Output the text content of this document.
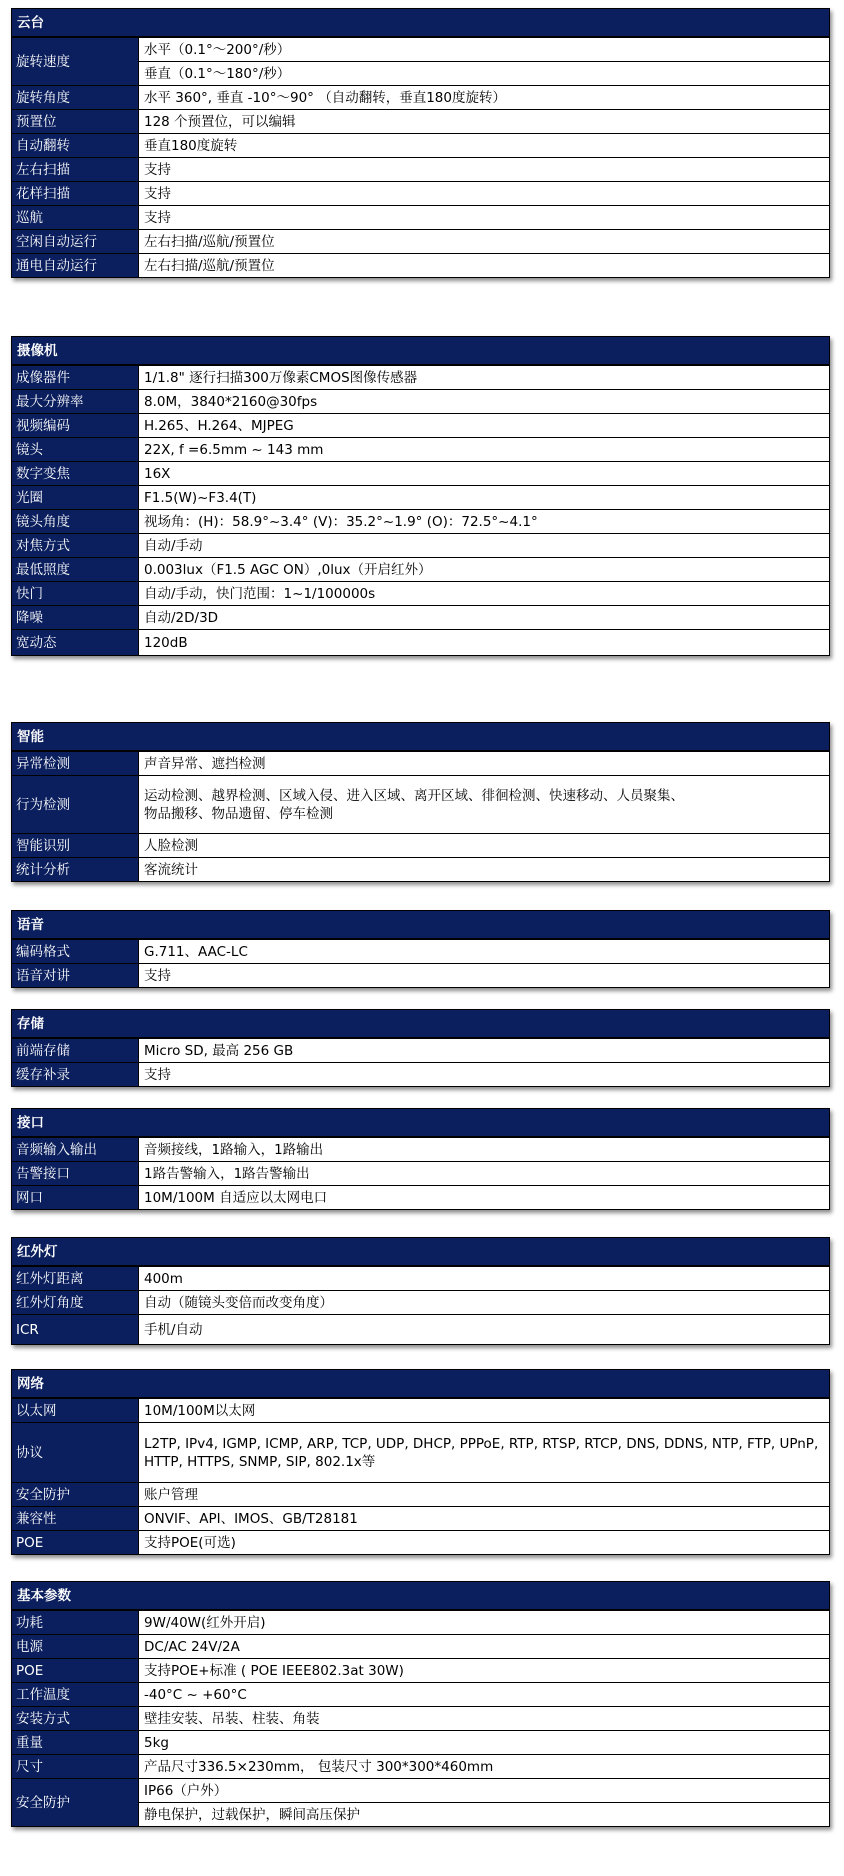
云台
旋转速度	水平（0.1°～200°/秒）
	垂直（0.1°～180°/秒）
旋转角度	水平 360°, 垂直 -10°～90° （自动翻转，垂直180度旋转）
预置位	128 个预置位，可以编辑
自动翻转	垂直180度旋转
左右扫描	支持
花样扫描	支持
巡航	支持
空闲自动运行	左右扫描/巡航/预置位
通电自动运行	左右扫描/巡航/预置位
摄像机
成像器件	1/1.8" 逐行扫描300万像素CMOS图像传感器
最大分辨率	8.0M，3840*2160@30fps
视频编码	H.265、H.264、MJPEG
镜头	22X, f =6.5mm ~ 143 mm
数字变焦	16X
光圈	F1.5(W)~F3.4(T)
镜头角度	视场角：(H)：58.9°~3.4° (V)：35.2°~1.9° (O)：72.5°~4.1°
对焦方式	自动/手动
最低照度	0.003lux（F1.5 AGC ON）,0lux（开启红外）
快门	自动/手动，快门范围：1~1/100000s
降噪	自动/2D/3D
宽动态	120dB
智能
异常检测	声音异常、遮挡检测
行为检测	运动检测、越界检测、区域入侵、进入区域、离开区域、徘徊检测、快速移动、人员聚集、
物品搬移、物品遗留、停车检测
智能识别	人脸检测
统计分析	客流统计
语音
编码格式	G.711、AAC-LC
语音对讲	支持
存储
前端存储	Micro SD, 最高 256 GB
缓存补录	支持
接口
音频输入输出	音频接线，1路输入，1路输出
告警接口	1路告警输入，1路告警输出
网口	10M/100M 自适应以太网电口
红外灯
红外灯距离	400m
红外灯角度	自动（随镜头变倍而改变角度）
ICR	手机/自动
网络
以太网	10M/100M以太网
协议	L2TP, IPv4, IGMP, ICMP, ARP, TCP, UDP, DHCP, PPPoE, RTP, RTSP, RTCP, DNS, DDNS, NTP, FTP, UPnP,
HTTP, HTTPS, SNMP, SIP, 802.1x等
安全防护	账户管理
兼容性	ONVIF、API、IMOS、GB/T28181
POE	支持POE(可选)
基本参数
功耗	9W/40W(红外开启)
电源	DC/AC 24V/2A
POE	支持POE+标准 ( POE IEEE802.3at 30W)
工作温度	-40°C ~ +60°C
安装方式	壁挂安装、吊装、柱装、角装
重量	5kg
尺寸	产品尺寸336.5×230mm， 包装尺寸 300*300*460mm
安全防护	IP66（户外）
	静电保护，过载保护，瞬间高压保护
